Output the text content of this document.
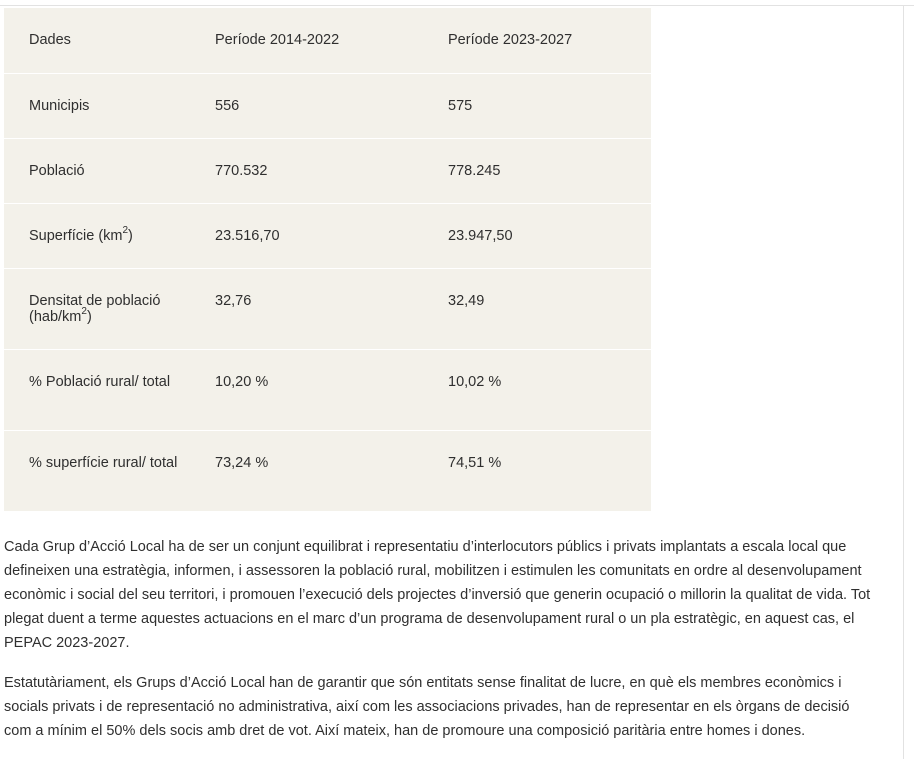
Dades	Període 2014-2022	Període 2023-2027
Municipis	556	575
Població	770.532	778.245
Superfície $(km^2)$	23.516,70	23.947,50
Densitat de població $(hab/km^2)$	32,76	32,49
% Població rural/ total	10,20 %	10,02 %
% superfície rural/ total	73,24 %	74,51 %

Cada Grup d’Acció Local ha de ser un conjunt equilibrat i representatiu d’interlocutors públics i privats implantats a escala local que defineixen una estratègia, informen, i assessoren la població rural, mobilitzen i estimulen les comunitats en ordre al desenvolupament econòmic i social del seu territori, i promouen l’execució dels projectes d’inversió que generin ocupació o millorin la qualitat de vida. Tot plegat duent a terme aquestes actuacions en el marc d’un programa de desenvolupament rural o un pla estratègic, en aquest cas, el PEPAC 2023-2027.

Estatutàriament, els Grups d’Acció Local han de garantir que són entitats sense finalitat de lucre, en què els membres econòmics i socials privats i de representació no administrativa, així com les associacions privades, han de representar en els òrgans de decisió com a mínim el 50% dels socis amb dret de vot. Així mateix, han de promoure una composició paritària entre homes i dones.
